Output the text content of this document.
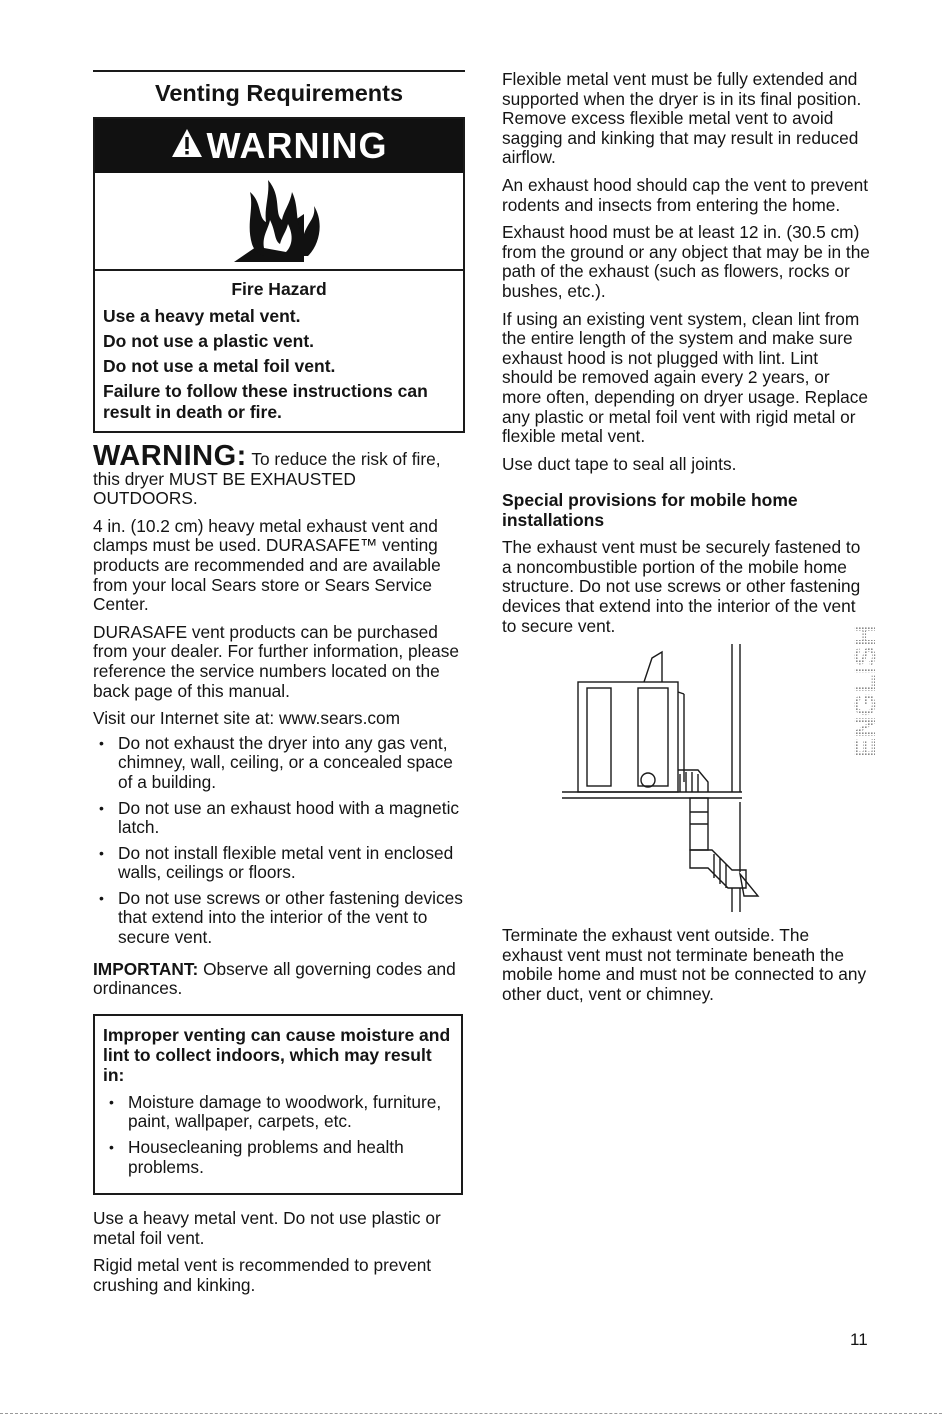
Venting Requirements
WARNING
Fire Hazard
Use a heavy metal vent.
Do not use a plastic vent.
Do not use a metal foil vent.
Failure to follow these instructions can result in death or fire.

WARNING: To reduce the risk of fire, this dryer MUST BE EXHAUSTED OUTDOORS.

4 in. (10.2 cm) heavy metal exhaust vent and clamps must be used. DURASAFE™ venting products are recommended and are available from your local Sears store or Sears Service Center.

DURASAFE vent products can be purchased from your dealer. For further information, please reference the service numbers located on the back page of this manual.

Visit our Internet site at: www.sears.com

• Do not exhaust the dryer into any gas vent, chimney, wall, ceiling, or a concealed space of a building.
• Do not use an exhaust hood with a magnetic latch.
• Do not install flexible metal vent in enclosed walls, ceilings or floors.
• Do not use screws or other fastening devices that extend into the interior of the vent to secure vent.

IMPORTANT: Observe all governing codes and ordinances.

Improper venting can cause moisture and lint to collect indoors, which may result in:
• Moisture damage to woodwork, furniture, paint, wallpaper, carpets, etc.
• Housecleaning problems and health problems.

Use a heavy metal vent. Do not use plastic or metal foil vent.

Rigid metal vent is recommended to prevent crushing and kinking.

Flexible metal vent must be fully extended and supported when the dryer is in its final position. Remove excess flexible metal vent to avoid sagging and kinking that may result in reduced airflow.

An exhaust hood should cap the vent to prevent rodents and insects from entering the home.

Exhaust hood must be at least 12 in. (30.5 cm) from the ground or any object that may be in the path of the exhaust (such as flowers, rocks or bushes, etc.).

If using an existing vent system, clean lint from the entire length of the system and make sure exhaust hood is not plugged with lint. Lint should be removed again every 2 years, or more often, depending on dryer usage. Replace any plastic or metal foil vent with rigid metal or flexible metal vent.

Use duct tape to seal all joints.

Special provisions for mobile home installations

The exhaust vent must be securely fastened to a noncombustible portion of the mobile home structure. Do not use screws or other fastening devices that extend into the interior of the vent to secure vent.

Terminate the exhaust vent outside. The exhaust vent must not terminate beneath the mobile home and must not be connected to any other duct, vent or chimney.

ENGLISH
11
